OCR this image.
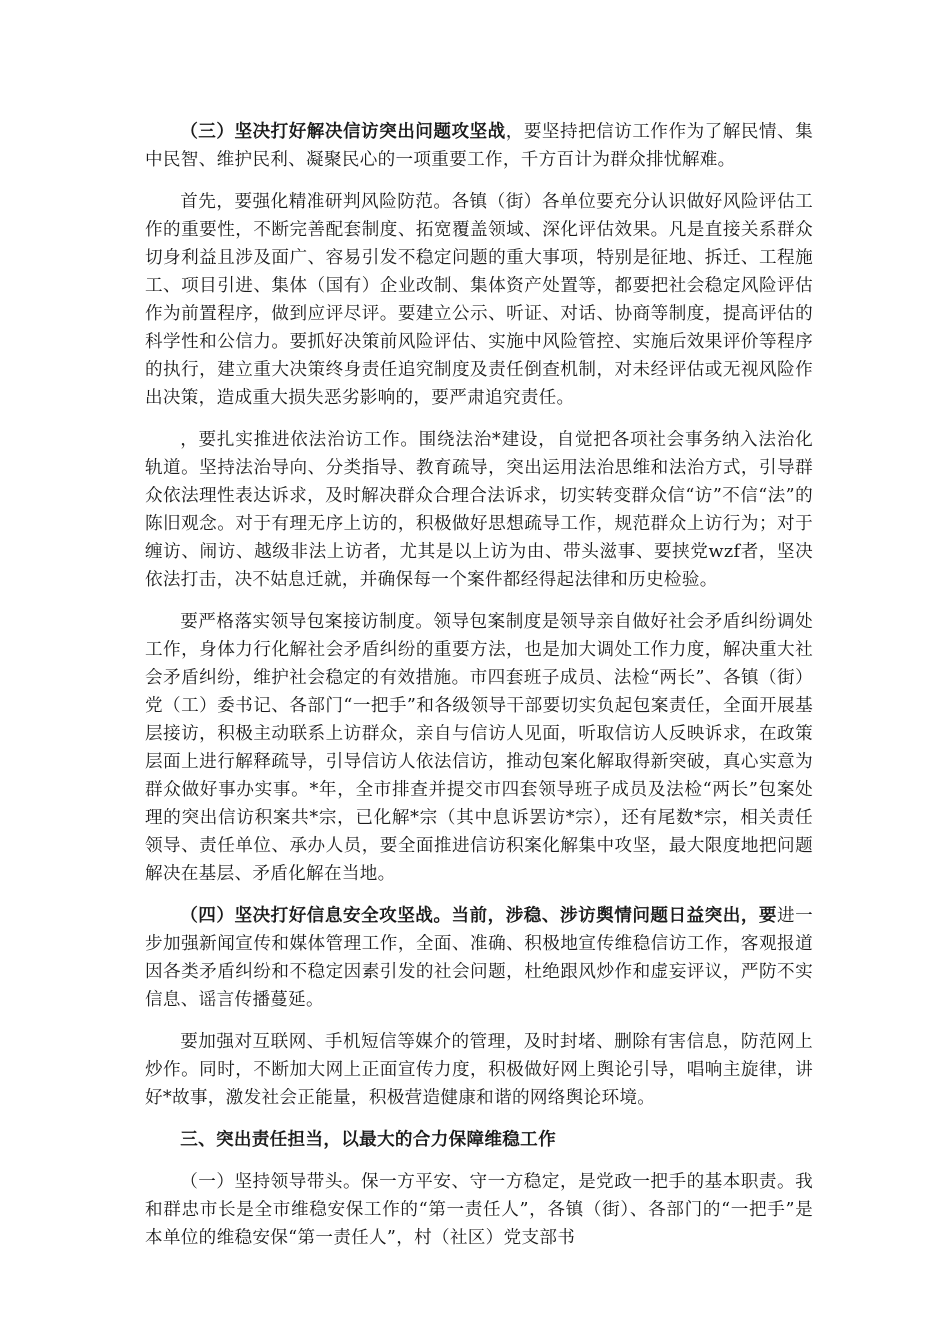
（三）坚决打好解决信访突出问题攻坚战，要坚持把信访工作作为了解民情、集中民智、维护民利、凝聚民心的一项重要工作，千方百计为群众排忧解难。

首先，要强化精准研判风险防范。各镇（街）各单位要充分认识做好风险评估工作的重要性，不断完善配套制度、拓宽覆盖领域、深化评估效果。凡是直接关系群众切身利益且涉及面广、容易引发不稳定问题的重大事项，特别是征地、拆迁、工程施工、项目引进、集体（国有）企业改制、集体资产处置等，都要把社会稳定风险评估作为前置程序，做到应评尽评。要建立公示、听证、对话、协商等制度，提高评估的科学性和公信力。要抓好决策前风险评估、实施中风险管控、实施后效果评价等程序的执行，建立重大决策终身责任追究制度及责任倒查机制，对未经评估或无视风险作出决策，造成重大损失恶劣影响的，要严肃追究责任。

，要扎实推进依法治访工作。围绕法治*建设，自觉把各项社会事务纳入法治化轨道。坚持法治导向、分类指导、教育疏导，突出运用法治思维和法治方式，引导群众依法理性表达诉求，及时解决群众合理合法诉求，切实转变群众信“访”不信“法”的陈旧观念。对于有理无序上访的，积极做好思想疏导工作，规范群众上访行为；对于缠访、闹访、越级非法上访者，尤其是以上访为由、带头滋事、要挟党wzf者，坚决依法打击，决不姑息迁就，并确保每一个案件都经得起法律和历史检验。

要严格落实领导包案接访制度。领导包案制度是领导亲自做好社会矛盾纠纷调处工作，身体力行化解社会矛盾纠纷的重要方法，也是加大调处工作力度，解决重大社会矛盾纠纷，维护社会稳定的有效措施。市四套班子成员、法检“两长”、各镇（街）党（工）委书记、各部门“一把手”和各级领导干部要切实负起包案责任，全面开展基层接访，积极主动联系上访群众，亲自与信访人见面，听取信访人反映诉求，在政策层面上进行解释疏导，引导信访人依法信访，推动包案化解取得新突破，真心实意为群众做好事办实事。*年，全市排查并提交市四套领导班子成员及法检“两长”包案处理的突出信访积案共*宗，已化解*宗（其中息诉罢访*宗），还有尾数*宗，相关责任领导、责任单位、承办人员，要全面推进信访积案化解集中攻坚，最大限度地把问题解决在基层、矛盾化解在当地。

（四）坚决打好信息安全攻坚战。当前，涉稳、涉访舆情问题日益突出，要进一步加强新闻宣传和媒体管理工作，全面、准确、积极地宣传维稳信访工作，客观报道因各类矛盾纠纷和不稳定因素引发的社会问题，杜绝跟风炒作和虚妄评议，严防不实信息、谣言传播蔓延。

要加强对互联网、手机短信等媒介的管理，及时封堵、删除有害信息，防范网上炒作。同时，不断加大网上正面宣传力度，积极做好网上舆论引导，唱响主旋律，讲好*故事，激发社会正能量，积极营造健康和谐的网络舆论环境。

三、突出责任担当，以最大的合力保障维稳工作

（一）坚持领导带头。保一方平安、守一方稳定，是党政一把手的基本职责。我和群忠市长是全市维稳安保工作的“第一责任人”，各镇（街）、各部门的“一把手”是本单位的维稳安保“第一责任人”，村（社区）党支部书
